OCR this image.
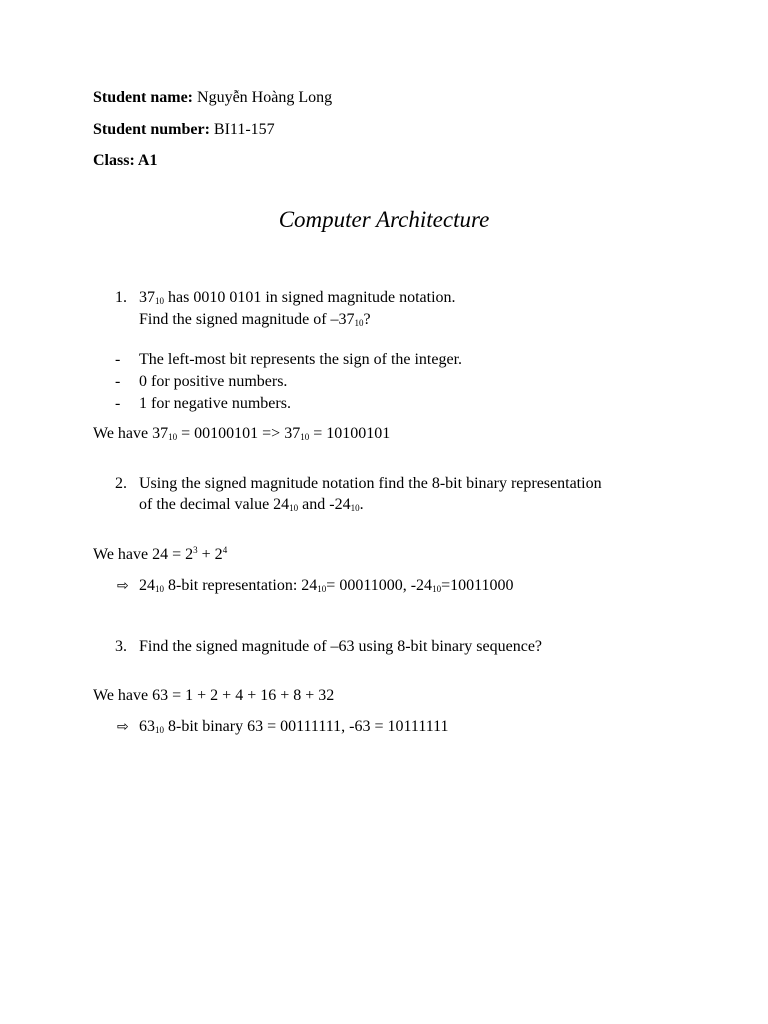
Student name: Nguyễn Hoàng Long
Student number: BI11-157
Class: A1
Computer Architecture
1. $37_{10}$ has 0010 0101 in signed magnitude notation.
Find the signed magnitude of $-37_{10}$?
- The left-most bit represents the sign of the integer.
- 0 for positive numbers.
- 1 for negative numbers.
We have $37_{10} = 00100101 => 37_{10} = 10100101$
2. Using the signed magnitude notation find the 8-bit binary representation
of the decimal value $24_{10}$ and $-24_{10}$.
We have $24 = 2^3 + 2^4$
⇨ $24_{10}$ 8-bit representation: $24_{10}= 00011000$, $-24_{10}=10011000$
3. Find the signed magnitude of –63 using 8-bit binary sequence?
We have 63 = 1 + 2 + 4 + 16 + 8 + 32
⇨ $63_{10}$ 8-bit binary 63 = 00111111, -63 = 10111111
